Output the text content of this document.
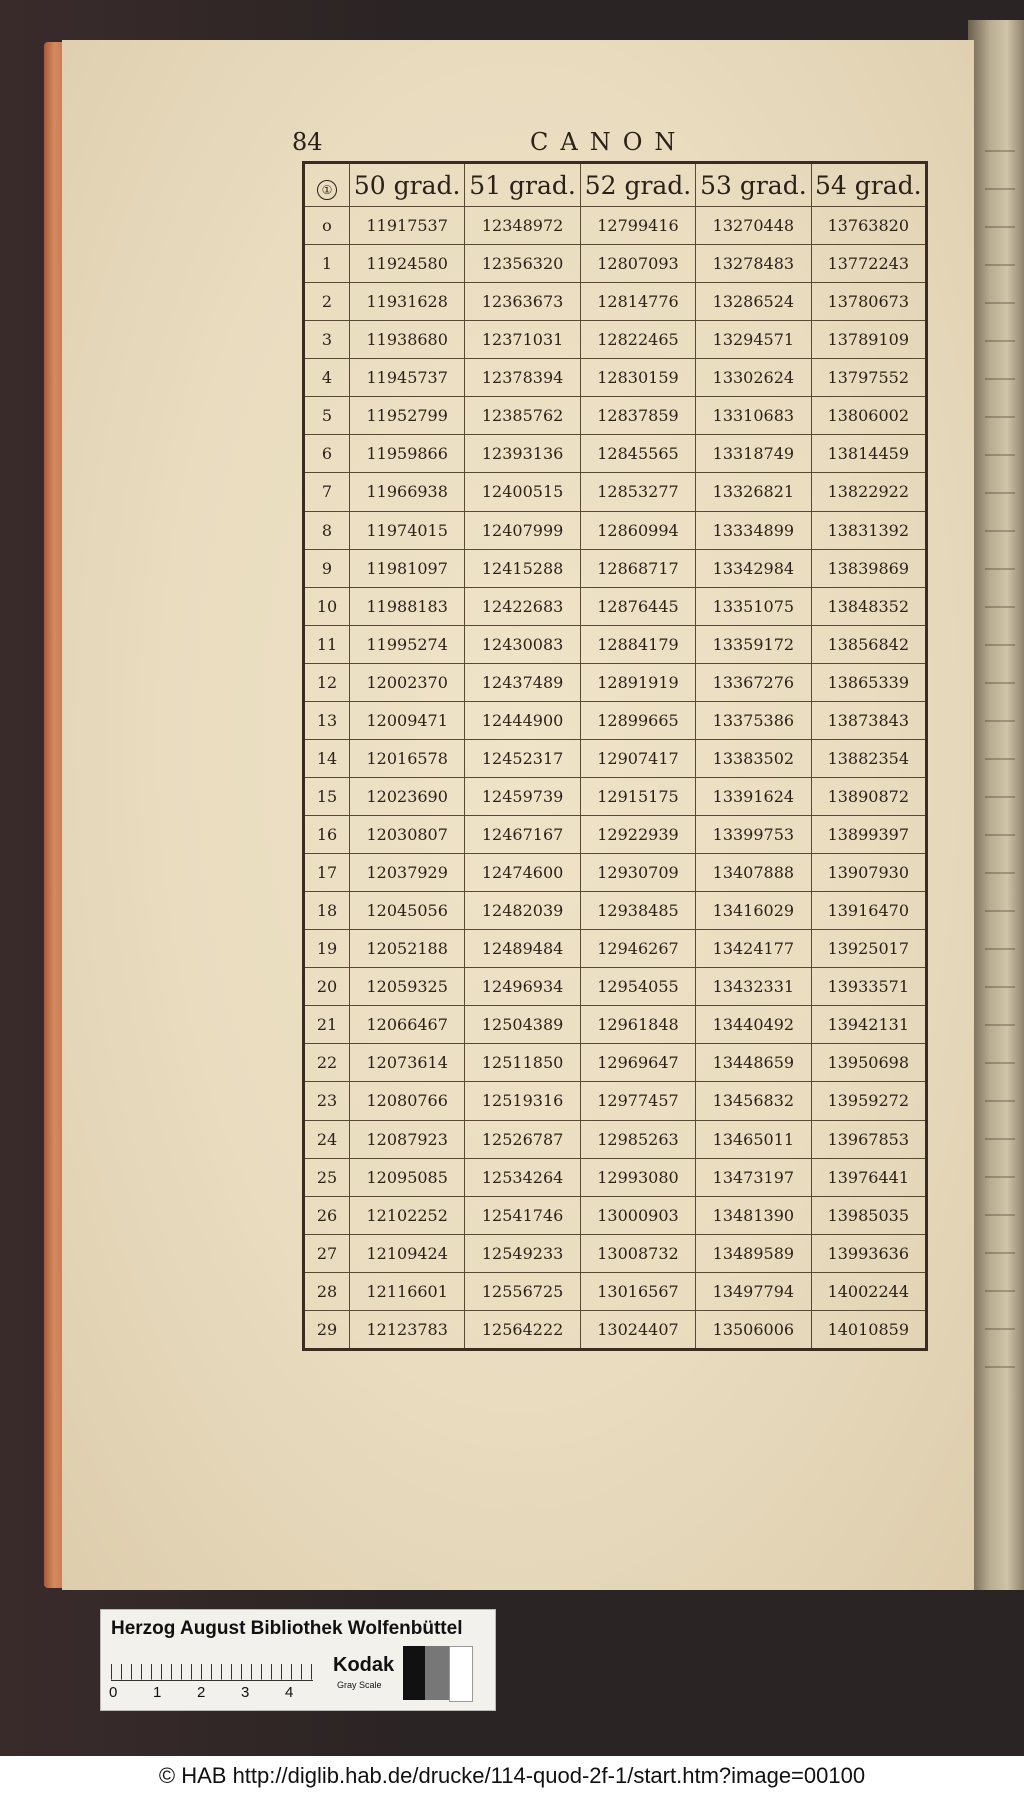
84	CANON
①	50 grad.	51 grad.	52 grad.	53 grad.	54 grad.
o	11917537	12348972	12799416	13270448	13763820
1	11924580	12356320	12807093	13278483	13772243
2	11931628	12363673	12814776	13286524	13780673
3	11938680	12371031	12822465	13294571	13789109
4	11945737	12378394	12830159	13302624	13797552
5	11952799	12385762	12837859	13310683	13806002
6	11959866	12393136	12845565	13318749	13814459
7	11966938	12400515	12853277	13326821	13822922
8	11974015	12407999	12860994	13334899	13831392
9	11981097	12415288	12868717	13342984	13839869
10	11988183	12422683	12876445	13351075	13848352
11	11995274	12430083	12884179	13359172	13856842
12	12002370	12437489	12891919	13367276	13865339
13	12009471	12444900	12899665	13375386	13873843
14	12016578	12452317	12907417	13383502	13882354
15	12023690	12459739	12915175	13391624	13890872
16	12030807	12467167	12922939	13399753	13899397
17	12037929	12474600	12930709	13407888	13907930
18	12045056	12482039	12938485	13416029	13916470
19	12052188	12489484	12946267	13424177	13925017
20	12059325	12496934	12954055	13432331	13933571
21	12066467	12504389	12961848	13440492	13942131
22	12073614	12511850	12969647	13448659	13950698
23	12080766	12519316	12977457	13456832	13959272
24	12087923	12526787	12985263	13465011	13967853
25	12095085	12534264	12993080	13473197	13976441
26	12102252	12541746	13000903	13481390	13985035
27	12109424	12549233	13008732	13489589	13993636
28	12116601	12556725	13016567	13497794	14002244
29	12123783	12564222	13024407	13506006	14010859
Herzog August Bibliothek Wolfenbüttel
0	1	2	3	4
Kodak
Gray Scale
© HAB http://diglib.hab.de/drucke/114-quod-2f-1/start.htm?image=00100
